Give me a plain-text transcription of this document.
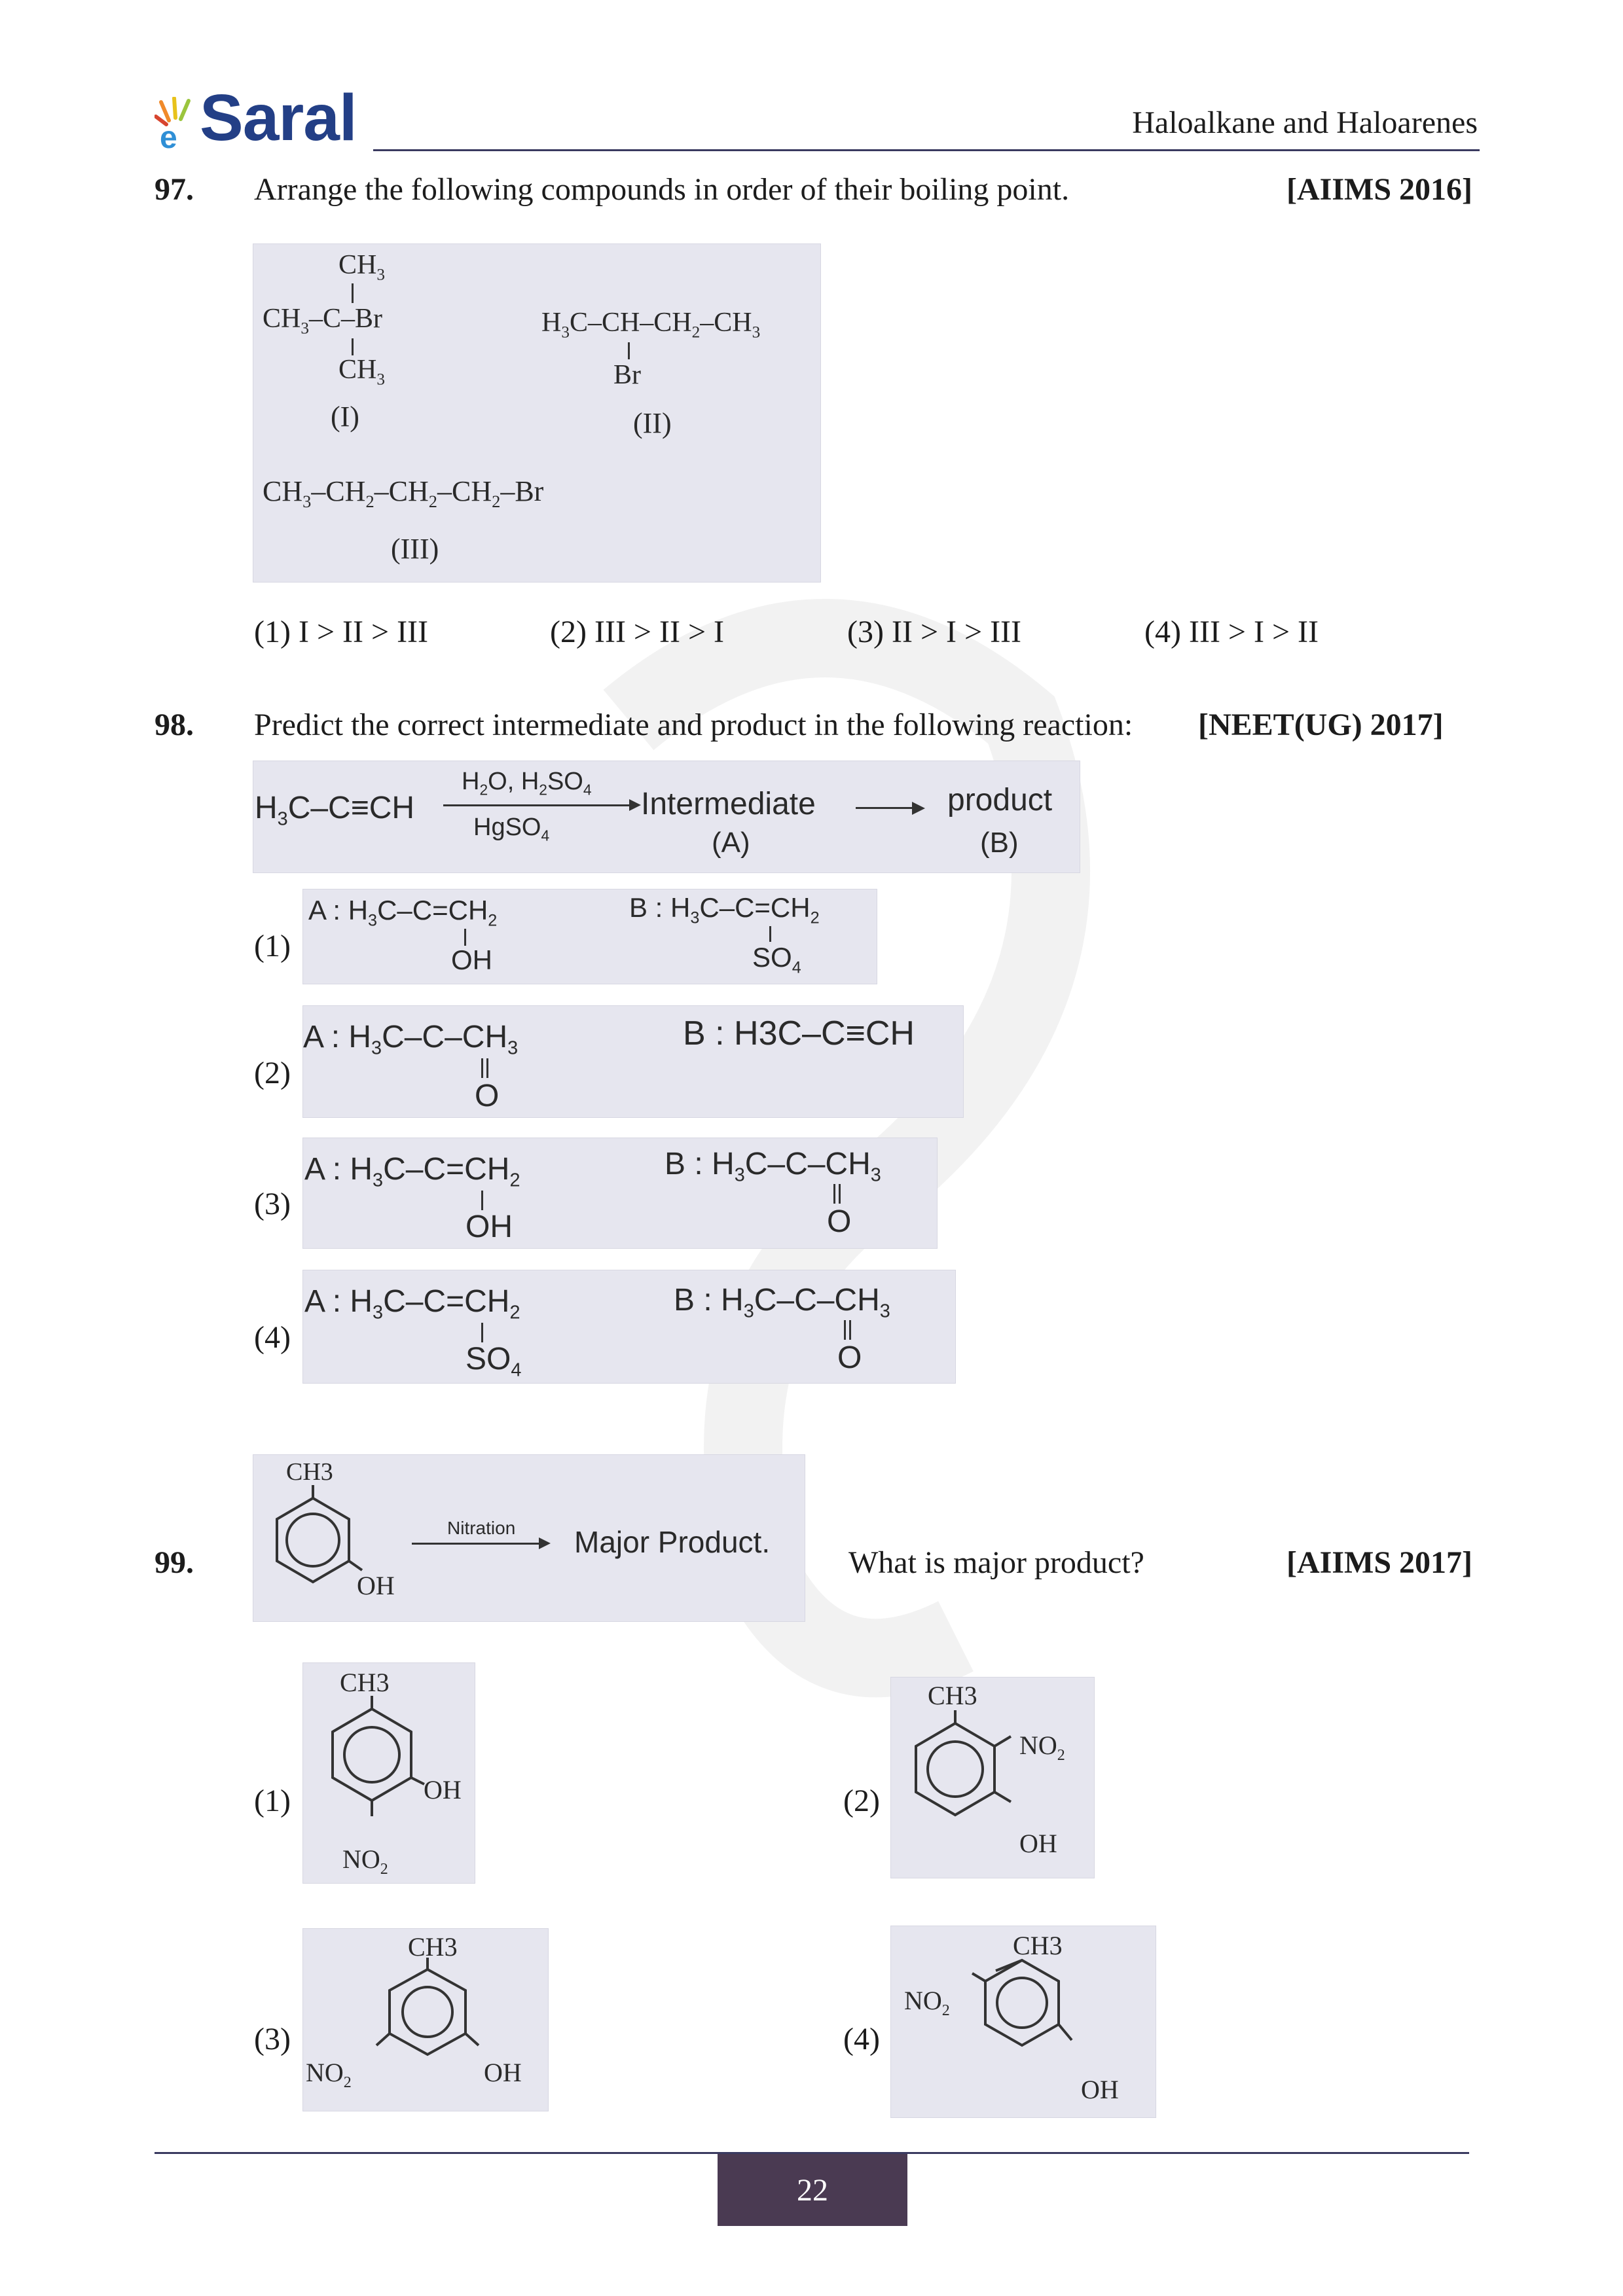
e Saral	Haloalkane and Haloarenes
97. Arrange the following compounds in order of their boiling point.	[AIIMS 2016]
$CH_3$
$CH_3-C-Br$
$CH_3$
(I)
$H_3C-CH-CH_2-CH_3$
Br
(II)
$CH_3-CH_2-CH_2-CH_2-Br$
(III)
(1) I > II > III	(2) III > II > I	(3) II > I > III	(4) III > I > II
98. Predict the correct intermediate and product in the following reaction: [NEET(UG) 2017]
$H_3C-C\equiv CH$
$H_2O$, $H_2SO_4$
HgSO$_4$
Intermediate
(A)
product
(B)
(1)
A : $H_3C-C=CH_2$
OH
B : $H_3C-C=CH_2$
$SO_4$
(2)
A : $H_3C-C-CH_3$
O
B : H3C–C≡CH
(3)
A : $H_3C-C=CH_2$
OH
B : $H_3C-C-CH_3$
O
(4)
A : $H_3C-C=CH_2$
$SO_4$
B : $H_3C-C-CH_3$
O
99.
CH3
OH
Nitration Major Product.
What is major product?	[AIIMS 2017]
(1)
CH3
OH
$NO_2$
(2)
CH3
$NO_2$
OH
(3)
CH3
$NO_2$	OH
(4)
CH3
$NO_2$
OH
22
